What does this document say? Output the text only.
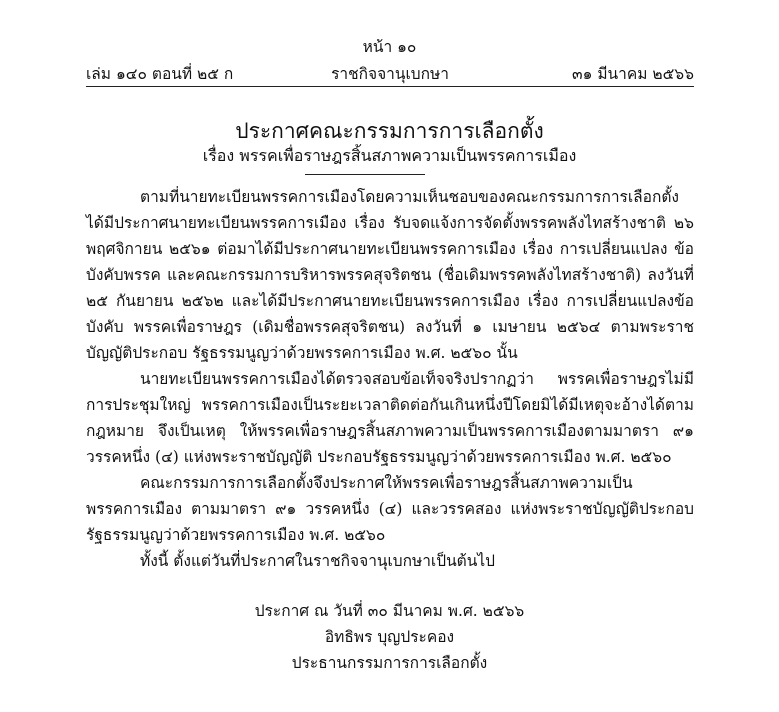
หน้า ๑๐
ราชกิจจานุเบกษา
เล่ม ๑๔๐ ตอนที่ ๒๕ ก	๓๑ มีนาคม ๒๕๖๖
ประกาศคณะกรรมการการเลือกตั้ง
เรื่อง พรรคเพื่อราษฎรสิ้นสภาพความเป็นพรรคการเมือง

ตามที่นายทะเบียนพรรคการเมืองโดยความเห็นชอบของคณะกรรมการการเลือกตั้ง ได้มีประกาศนายทะเบียนพรรคการเมือง เรื่อง รับจดแจ้งการจัดตั้งพรรคพลังไทสร้างชาติ ๒๖ พฤศจิกายน ๒๕๖๑ ต่อมาได้มีประกาศนายทะเบียนพรรคการเมือง เรื่อง การเปลี่ยนแปลง ข้อบังคับพรรค และคณะกรรมการบริหารพรรคสุจริตชน (ชื่อเดิมพรรคพลังไทสร้างชาติ) ลงวันที่ ๒๕ กันยายน ๒๕๖๒ และได้มีประกาศนายทะเบียนพรรคการเมือง เรื่อง การเปลี่ยนแปลงข้อบังคับ พรรคเพื่อราษฎร (เดิมชื่อพรรคสุจริตชน) ลงวันที่ ๑ เมษายน ๒๕๖๔ ตามพระราชบัญญัติประกอบ รัฐธรรมนูญว่าด้วยพรรคการเมือง พ.ศ. ๒๕๖๐ นั้น

นายทะเบียนพรรคการเมืองได้ตรวจสอบข้อเท็จจริงปรากฏว่า พรรคเพื่อราษฎรไม่มีการประชุมใหญ่ พรรคการเมืองเป็นระยะเวลาติดต่อกันเกินหนึ่งปีโดยมิได้มีเหตุจะอ้างได้ตามกฎหมาย จึงเป็นเหตุ ให้พรรคเพื่อราษฎรสิ้นสภาพความเป็นพรรคการเมืองตามมาตรา ๙๑ วรรคหนึ่ง (๔) แห่งพระราชบัญญัติ ประกอบรัฐธรรมนูญว่าด้วยพรรคการเมือง พ.ศ. ๒๕๖๐

คณะกรรมการการเลือกตั้งจึงประกาศให้พรรคเพื่อราษฎรสิ้นสภาพความเป็นพรรคการเมือง ตามมาตรา ๙๑ วรรคหนึ่ง (๔) และวรรคสอง แห่งพระราชบัญญัติประกอบรัฐธรรมนูญว่าด้วยพรรคการเมือง พ.ศ. ๒๕๖๐

ทั้งนี้ ตั้งแต่วันที่ประกาศในราชกิจจานุเบกษาเป็นต้นไป

ประกาศ ณ วันที่ ๓๐ มีนาคม พ.ศ. ๒๕๖๖
อิทธิพร บุญประคอง
ประธานกรรมการการเลือกตั้ง
